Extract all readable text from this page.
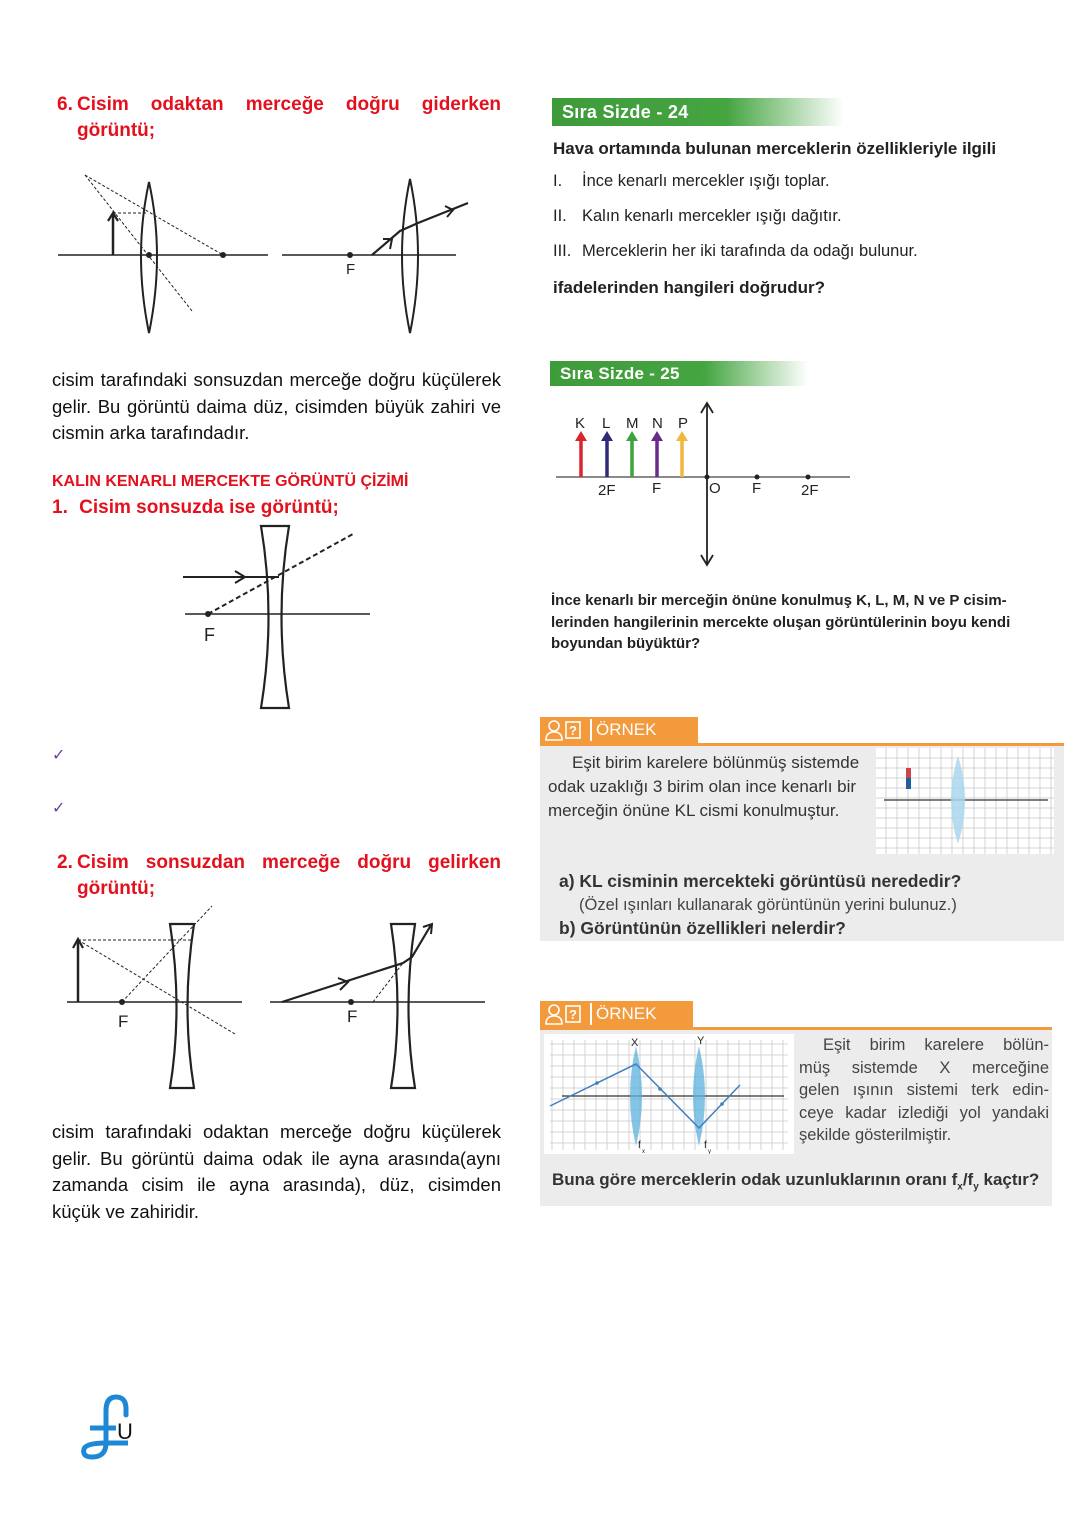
6. Cisim odaktan merceğe doğru giderken
görüntü;
F
cisim tarafındaki sonsuzdan merceğe doğru küçülerek gelir. Bu görüntü daima düz, cisimden büyük zahiri ve cismin arka tarafındadır.
KALIN KENARLI MERCEKTE GÖRÜNTÜ ÇİZİMİ
1. Cisim sonsuzda ise görüntü;
F
✓
✓
2. Cisim sonsuzdan merceğe doğru gelirken
görüntü;
F	F
cisim tarafındaki odaktan merceğe doğru küçülerek gelir. Bu görüntü daima odak ile ayna arasında(aynı zamanda cisim ile ayna arasında), düz, cisimden küçük ve zahiridir.
U
Sıra Sizde - 24
Hava ortamında bulunan merceklerin özellikleriyle ilgili
I.	İnce kenarlı mercekler ışığı toplar.
II. Kalın kenarlı mercekler ışığı dağıtır.
III. Merceklerin her iki tarafında da odağı bulunur.
ifadelerinden hangileri doğrudur?
Sıra Sizde - 25
K L M N P
2F F	O F	2F
İnce kenarlı bir merceğin önüne konulmuş K, L, M, N ve P cisim-
lerinden hangilerinin mercekte oluşan görüntülerinin boyu kendi
boyundan büyüktür?
? ÖRNEK
Eşit birim karelere bölünmüş sistemde
odak uzaklığı 3 birim olan ince kenarlı bir
merceğin önüne KL cismi konulmuştur.
a) KL cisminin mercekteki görüntüsü nerededir?
(Özel ışınları kullanarak görüntünün yerini bulunuz.)
b) Görüntünün özellikleri nelerdir?
? ÖRNEK
X	Y
f
x
f
y
Eşit birim karelere bölün-
müş sistemde X merceğine
gelen ışının sistemi terk edin-
ceye kadar izlediği yol yandaki
şekilde gösterilmiştir.
Buna göre merceklerin odak uzunluklarının oranı $f_x/f_y$ kaçtır?
